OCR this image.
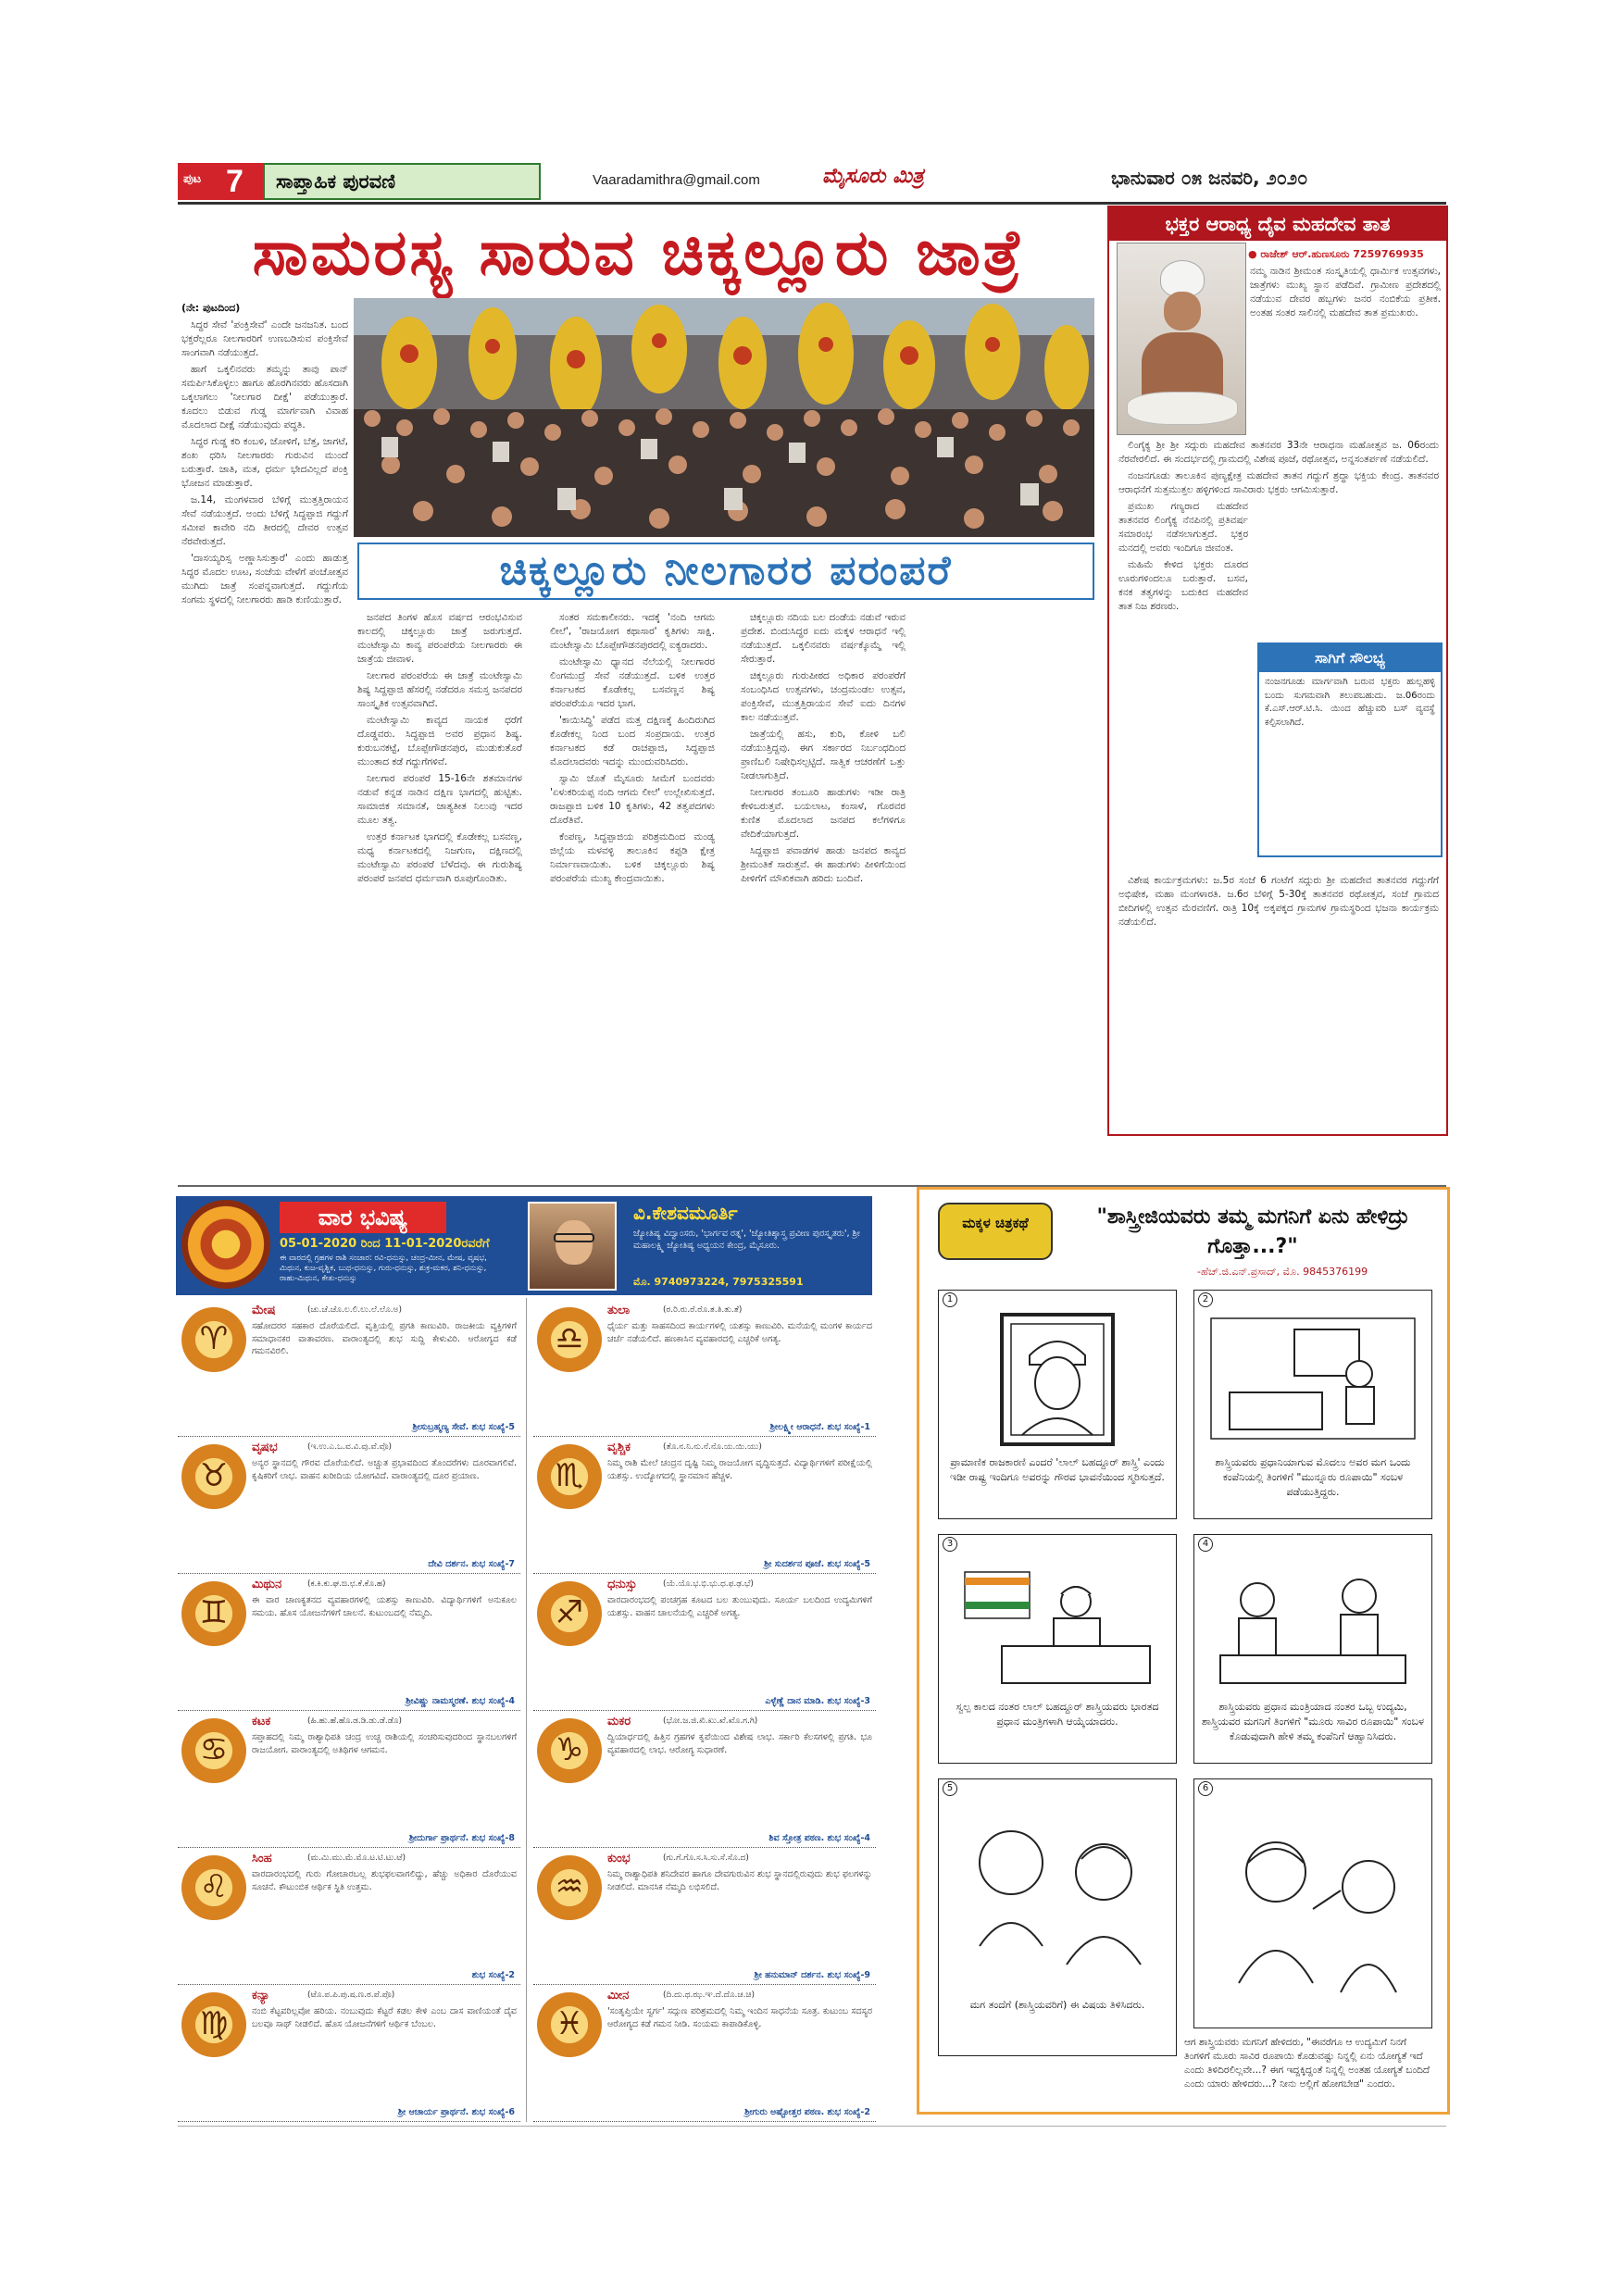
ಪುಟ 7	ಸಾಪ್ತಾಹಿಕ ಪುರವಣಿ	Vaaradamithra@gmail.com	ಮೈಸೂರು ಮಿತ್ರ	ಭಾನುವಾರ ೦೫ ಜನವರಿ, ೨೦೨೦
ಸಾಮರಸ್ಯ ಸಾರುವ ಚಿಕ್ಕಲ್ಲೂರು ಜಾತ್ರೆ
(ನೇ: ಪುಟದಿಂದ)

ಸಿದ್ಧರ ಸೇವೆ 'ಪಂಕ್ತಿಸೇವೆ' ಎಂದೇ ಜನಜನಿತ. ಬಂದ ಭಕ್ತರೆಲ್ಲರೂ ನೀಲಗಾರರಿಗೆ ಉಣಬಡಿಸುವ ಪಂಕ್ತಿಸೇವೆ ಸಾಂಗವಾಗಿ ನಡೆಯುತ್ತದೆ.

ಹಾಗೆ ಒಕ್ಕಲಿನವರು ತಮ್ಮನ್ನು ತಾವು ಪಾನ್ ಸಮರ್ಪಿಸಿಕೊಳ್ಳಲು ಹಾಗೂ ಹೊರಗಿನವರು ಹೊಸದಾಗಿ ಒಕ್ಕಲಾಗಲು 'ನೀಲಗಾರ ದೀಕ್ಷೆ' ಪಡೆಯುತ್ತಾರೆ. ಕೂದಲು ಬಿಡುವ ಗುಡ್ಡ ಮಾರ್ಗವಾಗಿ ವಿವಾಹ ಮೊದಲಾದ ದೀಕ್ಷೆ ನಡೆಯುವುದು ಪದ್ಧತಿ.

ಸಿದ್ಧರ ಗುಡ್ಡ ಕರಿ ಕಂಬಳಿ, ಜೋಳಿಗೆ, ಬೆತ್ತ, ಜಾಗಟೆ, ಶಂಖ ಧರಿಸಿ ನೀಲಗಾರರು ಗುರುವಿನ ಮುಂದೆ ಬರುತ್ತಾರೆ. ಜಾತಿ, ಮತ, ಧರ್ಮ ಭೇದವಿಲ್ಲದೆ ಪಂಕ್ತಿ ಭೋಜನ ಮಾಡುತ್ತಾರೆ.

ಜ.14, ಮಂಗಳವಾರ ಬೆಳಿಗ್ಗೆ ಮುತ್ತತ್ತಿರಾಯನ ಸೇವೆ ನಡೆಯುತ್ತದೆ. ಅಂದು ಬೆಳಿಗ್ಗೆ ಸಿದ್ಧಪ್ಪಾಜಿ ಗದ್ದುಗೆ ಸಮೀಪ ಕಾವೇರಿ ನದಿ ತೀರದಲ್ಲಿ ದೇವರ ಉತ್ಸವ ನೆರವೇರುತ್ತದೆ.

'ದಾಸಯ್ಯರಿಸ್ಸ ಅಣ್ಣಾಸಿಸುತ್ತಾರೆ' ಎಂದು ಹಾಡುತ್ತ ಸಿದ್ಧರ ಮೊದಲ ಊಟ, ಸಂಜೆಯ ವೇಳೆಗೆ ಪಂಚೋತ್ಸವ ಮುಗಿದು ಜಾತ್ರೆ ಸಂಪನ್ನವಾಗುತ್ತದೆ. ಗದ್ದುಗೆಯ ಸಂಗಮ ಸ್ಥಳದಲ್ಲಿ ನೀಲಗಾರರು ಹಾಡಿ ಕುಣಿಯುತ್ತಾರೆ.

ಚಿಕ್ಕಲ್ಲೂರು ನೀಲಗಾರರ ಪರಂಪರೆ

ಜನಪದ ತಿಂಗಳ ಹೊಸ ವರ್ಷದ ಆರಂಭವಿಸುವ ಕಾಲದಲ್ಲಿ ಚಿಕ್ಕಲ್ಲೂರು ಜಾತ್ರೆ ಜರುಗುತ್ತದೆ. ಮಂಟೇಸ್ವಾಮಿ ಕಾವ್ಯ ಪರಂಪರೆಯ ನೀಲಗಾರರು ಈ ಜಾತ್ರೆಯ ಜೀವಾಳ.

ನೀಲಗಾರ ಪರಂಪರೆಯ ಈ ಜಾತ್ರೆ ಮಂಟೇಸ್ವಾಮಿ ಶಿಷ್ಯ ಸಿದ್ದಪ್ಪಾಜಿ ಹೆಸರಲ್ಲಿ ನಡೆದರೂ ಸಮಸ್ತ ಜನಪದರ ಸಾಂಸ್ಕೃತಿಕ ಉತ್ಸವವಾಗಿದೆ.

ಮಂಟೇಸ್ವಾಮಿ ಕಾವ್ಯದ ನಾಯಕ ಧರೆಗೆ ದೊಡ್ಡವರು. ಸಿದ್ಧಪ್ಪಾಜಿ ಅವರ ಪ್ರಧಾನ ಶಿಷ್ಯ. ಕುರುಬನಕಟ್ಟೆ, ಬೊಪ್ಪೇಗೌಡನಪುರ, ಮುಡುಕುತೊರೆ ಮುಂತಾದ ಕಡೆ ಗದ್ದುಗೆಗಳಿವೆ.

ನೀಲಗಾರ ಪರಂಪರೆ 15-16ನೇ ಶತಮಾನಗಳ ನಡುವೆ ಕನ್ನಡ ನಾಡಿನ ದಕ್ಷಿಣ ಭಾಗದಲ್ಲಿ ಹುಟ್ಟಿತು. ಸಾಮಾಜಿಕ ಸಮಾನತೆ, ಜಾತ್ಯತೀತ ನಿಲುವು ಇದರ ಮೂಲ ತತ್ವ.

ಉತ್ತರ ಕರ್ನಾಟಕ ಭಾಗದಲ್ಲಿ ಕೊಡೇಕಲ್ಲ ಬಸವಣ್ಣ, ಮಧ್ಯ ಕರ್ನಾಟಕದಲ್ಲಿ ನಿಜಗುಣ, ದಕ್ಷಿಣದಲ್ಲಿ ಮಂಟೇಸ್ವಾಮಿ ಪರಂಪರೆ ಬೆಳೆದವು. ಈ ಗುರುಶಿಷ್ಯ ಪರಂಪರೆ ಜನಪದ ಧರ್ಮವಾಗಿ ರೂಪುಗೊಂಡಿತು.

ಸಂತರ ಸಮಕಾಲೀನರು. ಇದಕ್ಕೆ 'ನಂದಿ ಆಗಮ ಲೀಲೆ', 'ರಾಜಯೋಗ ಕಥಾಸಾರ' ಕೃತಿಗಳು ಸಾಕ್ಷಿ. ಮಂಟೇಸ್ವಾಮಿ ಬೊಪ್ಪೇಗೌಡನಪುರದಲ್ಲಿ ಐಕ್ಯರಾದರು.

ಮಂಟೇಸ್ವಾಮಿ ಧ್ಯಾನದ ನೆಲೆಯಲ್ಲಿ ನೀಲಗಾರರ ಲಿಂಗಮುದ್ರೆ ಸೇವೆ ನಡೆಯುತ್ತದೆ. ಬಳಿಕ ಉತ್ತರ ಕರ್ನಾಟಕದ ಕೊಡೇಕಲ್ಲ ಬಸವಣ್ಣನ ಶಿಷ್ಯ ಪರಂಪರೆಯೂ ಇದರ ಭಾಗ.

'ಕಾಯಿಸಿದ್ಧಿ' ಪಡೆದ ಮತ್ತ ದಕ್ಷಿಣಕ್ಕೆ ಹಿಂದಿರುಗಿದ ಕೊಡೇಕಲ್ಲ ನಿಂದ ಬಂದ ಸಂಪ್ರದಾಯ. ಉತ್ತರ ಕರ್ನಾಟಕದ ಕಡೆ ರಾಚಪ್ಪಾಜಿ, ಸಿದ್ಧಪ್ಪಾಜಿ ಮೊದಲಾದವರು ಇದನ್ನು ಮುಂದುವರಿಸಿದರು.

ಸ್ವಾಮಿ ಜೊತೆ ಮೈಸೂರು ಸೀಮೆಗೆ ಬಂದವರು 'ಏಳುಕರಿಯಪ್ಪ ನಂದಿ ಆಗಮ ಲೀಲೆ' ಉಲ್ಲೇಖಿಸುತ್ತದೆ. ರಾಜಪ್ಪಾಜಿ ಬಳಿಕ 10 ಕೃತಿಗಳು, 42 ತತ್ವಪದಗಳು ದೊರೆತಿವೆ.

ಕೆಂಪಣ್ಣ, ಸಿದ್ಧಪ್ಪಾಜಿಯ ಪರಿಶ್ರಮದಿಂದ ಮಂಡ್ಯ ಜಿಲ್ಲೆಯ ಮಳವಳ್ಳಿ ತಾಲೂಕಿನ ಕಪ್ಪಡಿ ಕ್ಷೇತ್ರ ನಿರ್ಮಾಣವಾಯಿತು. ಬಳಿಕ ಚಿಕ್ಕಲ್ಲೂರು ಶಿಷ್ಯ ಪರಂಪರೆಯ ಮುಖ್ಯ ಕೇಂದ್ರವಾಯಿತು.

ಚಿಕ್ಕಲ್ಲೂರು ನದಿಯ ಬಲ ದಂಡೆಯ ನಡುವೆ ಇರುವ ಪ್ರದೇಶ. ಬಿಂದುಸಿದ್ಧರ ಐದು ಮಕ್ಕಳ ಆರಾಧನೆ ಇಲ್ಲಿ ನಡೆಯುತ್ತದೆ. ಒಕ್ಕಲಿನವರು ವರ್ಷಕ್ಕೊಮ್ಮೆ ಇಲ್ಲಿ ಸೇರುತ್ತಾರೆ.

ಚಿಕ್ಕಲ್ಲೂರು ಗುರುಪೀಠದ ಅಧಿಕಾರ ಪರಂಪರೆಗೆ ಸಂಬಂಧಿಸಿದ ಉತ್ಸವಗಳು, ಚಂದ್ರಮಂಡಲ ಉತ್ಸವ, ಪಂಕ್ತಿಸೇವೆ, ಮುತ್ತತ್ತಿರಾಯನ ಸೇವೆ ಐದು ದಿನಗಳ ಕಾಲ ನಡೆಯುತ್ತವೆ.

ಜಾತ್ರೆಯಲ್ಲಿ ಹಸು, ಕುರಿ, ಕೋಳಿ ಬಲಿ ನಡೆಯುತ್ತಿದ್ದವು. ಈಗ ಸರ್ಕಾರದ ನಿರ್ಬಂಧದಿಂದ ಪ್ರಾಣಿಬಲಿ ನಿಷೇಧಿಸಲ್ಪಟ್ಟಿದೆ. ಸಾತ್ವಿಕ ಆಚರಣೆಗೆ ಒತ್ತು ನೀಡಲಾಗುತ್ತಿದೆ.

ನೀಲಗಾರರ ತಂಬೂರಿ ಹಾಡುಗಳು ಇಡೀ ರಾತ್ರಿ ಕೇಳಿಬರುತ್ತವೆ. ಬಯಲಾಟ, ಕಂಸಾಳೆ, ಗೊರವರ ಕುಣಿತ ಮೊದಲಾದ ಜನಪದ ಕಲೆಗಳಿಗೂ ವೇದಿಕೆಯಾಗುತ್ತದೆ.

ಸಿದ್ದಪ್ಪಾಜಿ ಪವಾಡಗಳ ಹಾಡು ಜನಪದ ಕಾವ್ಯದ ಶ್ರೀಮಂತಿಕೆ ಸಾರುತ್ತವೆ. ಈ ಹಾಡುಗಳು ಪೀಳಿಗೆಯಿಂದ ಪೀಳಿಗೆಗೆ ಮೌಖಿಕವಾಗಿ ಹರಿದು ಬಂದಿವೆ.

ಭಕ್ತರ ಆರಾಧ್ಯ ದೈವ ಮಹದೇವ ತಾತ
● ರಾಜೇಶ್ ಆರ್.ಹುಣಸೂರು 7259769935
ನಮ್ಮ ನಾಡಿನ ಶ್ರೀಮಂತ ಸಂಸ್ಕೃತಿಯಲ್ಲಿ ಧಾರ್ಮಿಕ ಉತ್ಸವಗಳು, ಜಾತ್ರೆಗಳು ಮುಖ್ಯ ಸ್ಥಾನ ಪಡೆದಿವೆ. ಗ್ರಾಮೀಣ ಪ್ರದೇಶದಲ್ಲಿ ನಡೆಯುವ ದೇವರ ಹಬ್ಬಗಳು ಜನರ ನಂಬಿಕೆಯ ಪ್ರತೀಕ. ಅಂತಹ ಸಂತರ ಸಾಲಿನಲ್ಲಿ ಮಹದೇವ ತಾತ ಪ್ರಮುಖರು.

ಲಿಂಗೈಕ್ಯ ಶ್ರೀ ಶ್ರೀ ಸದ್ಗುರು ಮಹದೇವ ತಾತನವರ 33ನೇ ಆರಾಧನಾ ಮಹೋತ್ಸವ ಜ. 06ರಂದು ನೆರವೇರಲಿದೆ. ಈ ಸಂದರ್ಭದಲ್ಲಿ ಗ್ರಾಮದಲ್ಲಿ ವಿಶೇಷ ಪೂಜೆ, ರಥೋತ್ಸವ, ಅನ್ನಸಂತರ್ಪಣೆ ನಡೆಯಲಿದೆ.

ನಂಜನಗೂಡು ತಾಲೂಕಿನ ಪುಣ್ಯಕ್ಷೇತ್ರ ಮಹದೇವ ತಾತನ ಗದ್ದುಗೆ ಶ್ರದ್ಧಾ ಭಕ್ತಿಯ ಕೇಂದ್ರ. ತಾತನವರ ಆರಾಧನೆಗೆ ಸುತ್ತಮುತ್ತಲ ಹಳ್ಳಿಗಳಿಂದ ಸಾವಿರಾರು ಭಕ್ತರು ಆಗಮಿಸುತ್ತಾರೆ.

ಪ್ರಮುಖ ಗಣ್ಯರಾದ ಮಹದೇವ ತಾತನವರ ಲಿಂಗೈಕ್ಯ ನೆನಪಿನಲ್ಲಿ ಪ್ರತಿವರ್ಷ ಸಮಾರಂಭ ನಡೆಸಲಾಗುತ್ತದೆ. ಭಕ್ತರ ಮನದಲ್ಲಿ ಅವರು ಇಂದಿಗೂ ಜೀವಂತ.

ಮಹಿಮೆ ಕೇಳಿದ ಭಕ್ತರು ದೂರದ ಊರುಗಳಿಂದಲೂ ಬರುತ್ತಾರೆ. ಬಸವ, ಕನಕ ತತ್ವಗಳನ್ನು ಬದುಕಿದ ಮಹದೇವ ತಾತ ನಿಜ ಶರಣರು.

ಸಾಗಿಗೆ ಸೌಲಭ್ಯ
ನಂಜನಗೂಡು ಮಾರ್ಗವಾಗಿ ಬರುವ ಭಕ್ತರು ಹುಲ್ಲಹಳ್ಳಿ ಬಂದು ಸುಗಮವಾಗಿ ತಲುಪಬಹುದು. ಜ.06ರಂದು ಕೆ.ಎಸ್.ಆರ್.ಟಿ.ಸಿ. ಯಿಂದ ಹೆಚ್ಚುವರಿ ಬಸ್ ವ್ಯವಸ್ಥೆ ಕಲ್ಪಿಸಲಾಗಿದೆ.

ವಿಶೇಷ ಕಾರ್ಯಕ್ರಮಗಳು: ಜ.5ರ ಸಂಜೆ 6 ಗಂಟೆಗೆ ಸದ್ಗುರು ಶ್ರೀ ಮಹದೇವ ತಾತನವರ ಗದ್ದುಗೆಗೆ ಅಭಿಷೇಕ, ಮಹಾ ಮಂಗಳಾರತಿ. ಜ.6ರ ಬೆಳಿಗ್ಗೆ 5-30ಕ್ಕೆ ತಾತನವರ ರಥೋತ್ಸವ, ಸಂಜೆ ಗ್ರಾಮದ ಬೀದಿಗಳಲ್ಲಿ ಉತ್ಸವ ಮೆರವಣಿಗೆ. ರಾತ್ರಿ 10ಕ್ಕೆ ಅಕ್ಕಪಕ್ಕದ ಗ್ರಾಮಗಳ ಗ್ರಾಮಸ್ಥರಿಂದ ಭಜನಾ ಕಾರ್ಯಕ್ರಮ ನಡೆಯಲಿದೆ.

ವಾರ ಭವಿಷ್ಯ
05-01-2020 ರಿಂದ 11-01-2020ರವರೆಗೆ
ಈ ವಾರದಲ್ಲಿ ಗ್ರಹಗಳ ರಾಶಿ ಸಂಚಾರ: ರವಿ-ಧನುಸ್ಸು, ಚಂದ್ರ-ಮೀನ, ಮೇಷ, ವೃಷಭ, ಮಿಥುನ, ಕುಜ-ವೃಶ್ಚಿಕ, ಬುಧ-ಧನುಸ್ಸು, ಗುರು-ಧನುಸ್ಸು, ಶುಕ್ರ-ಮಕರ, ಶನಿ-ಧನುಸ್ಸು, ರಾಹು-ಮಿಥುನ, ಕೇತು-ಧನುಸ್ಸು
ವಿ.ಕೇಶವಮೂರ್ತಿ
ಜ್ಯೋತಿಷ್ಯ ವಿದ್ವಾಂಸರು, 'ಭಾರ್ಗವ ರತ್ನ', 'ಜ್ಯೋತಿಶ್ಶಾಸ್ತ್ರ ಪ್ರವೀಣ ಪುರಸ್ಕೃತರು', ಶ್ರೀ ಮಹಾಲಕ್ಷ್ಮಿ ಜ್ಯೋತಿಷ್ಯ ಅಧ್ಯಯನ ಕೇಂದ್ರ, ಮೈಸೂರು.
ಮೊ. 9740973224, 7975325591
♈
ಮೇಷ	(ಚು.ಚೆ.ಚೊ.ಲ.ಲಿ.ಲು.ಲೆ.ಲೊ.ಅ)
ಸಹೋದರರ ಸಹಕಾರ ದೊರೆಯಲಿದೆ. ವೃತ್ತಿಯಲ್ಲಿ ಪ್ರಗತಿ ಕಾಣುವಿರಿ. ರಾಜಕೀಯ ವ್ಯಕ್ತಿಗಳಿಗೆ ಸಮಾಧಾನಕರ ವಾತಾವರಣ. ವಾರಾಂತ್ಯದಲ್ಲಿ ಶುಭ ಸುದ್ದಿ ಕೇಳುವಿರಿ. ಆರೋಗ್ಯದ ಕಡೆ ಗಮನವಿರಲಿ.
ಶ್ರೀಸುಬ್ರಹ್ಮಣ್ಯ ಸೇವೆ. ಶುಭ ಸಂಖ್ಯೆ-5
♎
ತುಲಾ	(ರ.ರಿ.ರು.ರೆ.ರೊ.ತ.ತಿ.ತು.ತೆ)
ಧೈರ್ಯ ಮತ್ತು ಸಾಹಸದಿಂದ ಕಾರ್ಯಗಳಲ್ಲಿ ಯಶಸ್ಸು ಕಾಣುವಿರಿ. ಮನೆಯಲ್ಲಿ ಮಂಗಳ ಕಾರ್ಯದ ಚರ್ಚೆ ನಡೆಯಲಿದೆ. ಹಣಕಾಸಿನ ವ್ಯವಹಾರದಲ್ಲಿ ಎಚ್ಚರಿಕೆ ಅಗತ್ಯ.
ಶ್ರೀಲಕ್ಷ್ಮೀ ಆರಾಧನೆ. ಶುಭ ಸಂಖ್ಯೆ-1
♉
ವೃಷಭ	(ಇ.ಉ.ಎ.ಒ.ವ.ವಿ.ವು.ವೆ.ವೊ)
ಅನ್ಯರ ಸ್ಥಾನದಲ್ಲಿ ಗೌರವ ದೊರೆಯಲಿದೆ. ಅಚ್ಚುತ ಪ್ರಭಾವದಿಂದ ತೊಂದರೆಗಳು ದೂರವಾಗಲಿವೆ. ಕೃಷಿಕರಿಗೆ ಲಾಭ. ವಾಹನ ಖರೀದಿಯ ಯೋಗವಿದೆ. ವಾರಾಂತ್ಯದಲ್ಲಿ ದೂರ ಪ್ರಯಾಣ.
ದೇವಿ ದರ್ಶನ. ಶುಭ ಸಂಖ್ಯೆ-7
♏
ವೃಶ್ಚಿಕ	(ತೊ.ನ.ನಿ.ನು.ನೆ.ನೊ.ಯ.ಯಿ.ಯು)
ನಿಮ್ಮ ರಾಶಿ ಮೇಲೆ ಚಂದ್ರನ ದೃಷ್ಟಿ ನಿಮ್ಮ ರಾಜಯೋಗ ವೃದ್ಧಿಸುತ್ತದೆ. ವಿದ್ಯಾರ್ಥಿಗಳಿಗೆ ಪರೀಕ್ಷೆಯಲ್ಲಿ ಯಶಸ್ಸು. ಉದ್ಯೋಗದಲ್ಲಿ ಸ್ಥಾನಮಾನ ಹೆಚ್ಚಳ.
ಶ್ರೀ ಸುದರ್ಶನ ಪೂಜೆ. ಶುಭ ಸಂಖ್ಯೆ-5
♊
ಮಿಥುನ	(ಕ.ಕಿ.ಕು.ಘ.ಙ.ಛ.ಕೆ.ಕೊ.ಹ)
ಈ ವಾರ ಚಾಣಕ್ಯತನದ ವ್ಯವಹಾರಗಳಲ್ಲಿ ಯಶಸ್ಸು ಕಾಣುವಿರಿ. ವಿದ್ಯಾರ್ಥಿಗಳಿಗೆ ಅನುಕೂಲ ಸಮಯ. ಹೊಸ ಯೋಜನೆಗಳಿಗೆ ಚಾಲನೆ. ಕುಟುಂಬದಲ್ಲಿ ನೆಮ್ಮದಿ.
ಶ್ರೀವಿಷ್ಣು ನಾಮಸ್ಮರಣೆ. ಶುಭ ಸಂಖ್ಯೆ-4
♐
ಧನುಸ್ಸು	(ಯೆ.ಯೊ.ಭ.ಭಿ.ಭು.ಧ.ಫ.ಢ.ಭೆ)
ವಾರದಾರಂಭದಲ್ಲಿ ಪಂಚಗ್ರಹ ಕೂಟದ ಬಲ ತುಂಬುವುದು. ಸೂರ್ಯ ಬಲದಿಂದ ಉದ್ಯಮಿಗಳಿಗೆ ಯಶಸ್ಸು. ವಾಹನ ಚಾಲನೆಯಲ್ಲಿ ಎಚ್ಚರಿಕೆ ಅಗತ್ಯ.
ಎಳ್ಳೆಣ್ಣೆ ದಾನ ಮಾಡಿ. ಶುಭ ಸಂಖ್ಯೆ-3
♋
ಕಟಕ	(ಹಿ.ಹು.ಹೆ.ಹೊ.ಡ.ಡಿ.ಡು.ಡೆ.ಡೊ)
ಸಪ್ತಾಹದಲ್ಲಿ ನಿಮ್ಮ ರಾಶ್ಯಾಧಿಪತಿ ಚಂದ್ರ ಉಚ್ಚ ರಾಶಿಯಲ್ಲಿ ಸಂಚರಿಸುವುದರಿಂದ ಸ್ಥಾನಬಲಗಳಿಗೆ ರಾಜಯೋಗ. ವಾರಾಂತ್ಯದಲ್ಲಿ ಅತಿಥಿಗಳ ಆಗಮನ.
ಶ್ರೀದುರ್ಗಾ ಪ್ರಾರ್ಥನೆ. ಶುಭ ಸಂಖ್ಯೆ-8
♑
ಮಕರ	(ಭೋ.ಜ.ಜಿ.ಖಿ.ಖು.ಖೆ.ಖೊ.ಗ.ಗಿ)
ದ್ವಿಯಾರ್ಧದಲ್ಲಿ ಹಿತ್ತಿನ ಗ್ರಹಗಳ ಕೃಪೆಯಿಂದ ವಿಶೇಷ ಲಾಭ. ಸರ್ಕಾರಿ ಕೆಲಸಗಳಲ್ಲಿ ಪ್ರಗತಿ. ಭೂ ವ್ಯವಹಾರದಲ್ಲಿ ಲಾಭ. ಆರೋಗ್ಯ ಸುಧಾರಣೆ.
ಶಿವ ಸ್ತೋತ್ರ ಪಠಣ. ಶುಭ ಸಂಖ್ಯೆ-4
♌
ಸಿಂಹ	(ಮ.ಮಿ.ಮು.ಮೆ.ಮೊ.ಟ.ಟಿ.ಟು.ಟೆ)
ವಾರದಾರಂಭದಲ್ಲಿ ಗುರು ಗೋಚಾರಬಲ್ಲ ಶುಭಫಲವಾಗಲಿದ್ದು, ಹೆಚ್ಚು ಅಧಿಕಾರ ದೊರೆಯುವ ಸೂಚನೆ. ಕೌಟುಂಬಿಕ ಆರ್ಥಿಕ ಸ್ಥಿತಿ ಉತ್ತಮ.
ಶುಭ ಸಂಖ್ಯೆ-2
♒
ಕುಂಭ	(ಗು.ಗೆ.ಗೊ.ಸ.ಸಿ.ಸು.ಸೆ.ಸೊ.ದ)
ನಿಮ್ಮ ರಾಶ್ಯಾಧಿಪತಿ ಶನಿದೇವರ ಹಾಗೂ ದೇವಗುರುವಿನ ಶುಭ ಸ್ಥಾನದಲ್ಲಿರುವುದು ಶುಭ ಫಲಗಳನ್ನು ನೀಡಲಿದೆ. ಮಾನಸಿಕ ನೆಮ್ಮದಿ ಲಭಿಸಲಿದೆ.
ಶ್ರೀ ಹನುಮಾನ್ ದರ್ಶನ. ಶುಭ ಸಂಖ್ಯೆ-9
♍
ಕನ್ಯಾ	(ಟೊ.ಪ.ಪಿ.ಪು.ಷ.ಣ.ಠ.ಪೆ.ಪೊ)
ನಂಬಿ ಕೆಟ್ಟವರಿಲ್ಲವೋ ಹರಿಯ. ನಂಬುವುದು ಕೆಟ್ಟರೆ ಕಡಲ ಕೇಳಿ ಎಂಬ ದಾಸ ವಾಣಿಯಂತೆ ದೈವ ಬಲವೂ ಸಾಥ್ ನೀಡಲಿದೆ. ಹೊಸ ಯೋಜನೆಗಳಿಗೆ ಆರ್ಥಿಕ ಬೆಂಬಲ.
ಶ್ರೀ ಆಚಾರ್ಯ ಪ್ರಾರ್ಥನೆ. ಶುಭ ಸಂಖ್ಯೆ-6
♓
ಮೀನ	(ದಿ.ದು.ಥ.ಝ.ಞ.ದೆ.ದೊ.ಚ.ಚಿ)
'ಸಂತೃಪ್ತಿಯೇ ಸ್ವರ್ಗ' ಸದ್ಗುಣ ಪರಿಶ್ರಮದಲ್ಲಿ ನಿಮ್ಮ ಇಂದಿನ ಸಾಧನೆಯ ಸೂತ್ರ. ಕುಟುಂಬ ಸದಸ್ಯರ ಆರೋಗ್ಯದ ಕಡೆ ಗಮನ ನೀಡಿ. ಸಂಯಮ ಕಾಪಾಡಿಕೊಳ್ಳಿ.
ಶ್ರೀಗುರು ಅಷ್ಟೋತ್ತರ ಪಠಣ. ಶುಭ ಸಂಖ್ಯೆ-2
ಮಕ್ಕಳ ಚಿತ್ರಕಥೆ	"ಶಾಸ್ತ್ರೀಜಿಯವರು ತಮ್ಮ ಮಗನಿಗೆ ಏನು ಹೇಳಿದ್ರು ಗೊತ್ತಾ...?"
-ಹೆಚ್.ಜಿ.ಎನ್.ಪ್ರಸಾದ್, ಮೊ. 9845376199
1
ಪ್ರಾಮಾಣಿಕ ರಾಜಕಾರಣಿ ಎಂದರೆ 'ಲಾಲ್ ಬಹದ್ದೂರ್ ಶಾಸ್ತ್ರಿ' ಎಂದು ಇಡೀ ರಾಷ್ಟ್ರ ಇಂದಿಗೂ ಅವರನ್ನು ಗೌರವ ಭಾವನೆಯಿಂದ ಸ್ಮರಿಸುತ್ತದೆ.
2
ಶಾಸ್ತ್ರಿಯವರು ಪ್ರಧಾನಿಯಾಗುವ ಮೊದಲು ಅವರ ಮಗ ಒಂದು ಕಂಪೆನಿಯಲ್ಲಿ ತಿಂಗಳಿಗೆ "ಮುನ್ನೂರು ರೂಪಾಯಿ" ಸಂಬಳ ಪಡೆಯುತ್ತಿದ್ದರು.
3
ಸ್ವಲ್ಪ ಕಾಲದ ನಂತರ ಲಾಲ್ ಬಹದ್ದೂರ್ ಶಾಸ್ತ್ರಿಯವರು ಭಾರತದ ಪ್ರಧಾನ ಮಂತ್ರಿಗಳಾಗಿ ಆಯ್ಕೆಯಾದರು.
4
ಶಾಸ್ತ್ರಿಯವರು ಪ್ರಧಾನ ಮಂತ್ರಿಯಾದ ನಂತರ ಒಬ್ಬ ಉದ್ಯಮಿ, ಶಾಸ್ತ್ರಿಯವರ ಮಗನಿಗೆ ತಿಂಗಳಿಗೆ "ಮೂರು ಸಾವಿರ ರೂಪಾಯಿ" ಸಂಬಳ ಕೊಡುವುದಾಗಿ ಹೇಳಿ ತಮ್ಮ ಕಂಪೆನಿಗೆ ಆಹ್ವಾನಿಸಿದರು.
5
ಮಗ ತಂದೆಗೆ (ಶಾಸ್ತ್ರಿಯವರಿಗೆ) ಈ ವಿಷಯ ತಿಳಿಸಿದರು.
6
ಆಗ ಶಾಸ್ತ್ರಿಯವರು ಮಗನಿಗೆ ಹೇಳಿದರು, "ಈವರೆಗೂ ಆ ಉದ್ಯಮಿಗೆ ನಿನಗೆ ತಿಂಗಳಿಗೆ ಮೂರು ಸಾವಿರ ರೂಪಾಯಿ ಕೊಡುವಷ್ಟು ನಿನ್ನಲ್ಲಿ ಏನು ಯೋಗ್ಯತೆ ಇದೆ ಎಂದು ತಿಳಿದಿರಲಿಲ್ಲವೇ...? ಈಗ ಇದ್ದಕ್ಕಿದ್ದಂತೆ ನಿನ್ನಲ್ಲಿ ಅಂತಹ ಯೋಗ್ಯತೆ ಬಂದಿದೆ ಎಂದು ಯಾರು ಹೇಳಿದರು...? ನೀನು ಅಲ್ಲಿಗೆ ಹೋಗಬೇಡ" ಎಂದರು.
